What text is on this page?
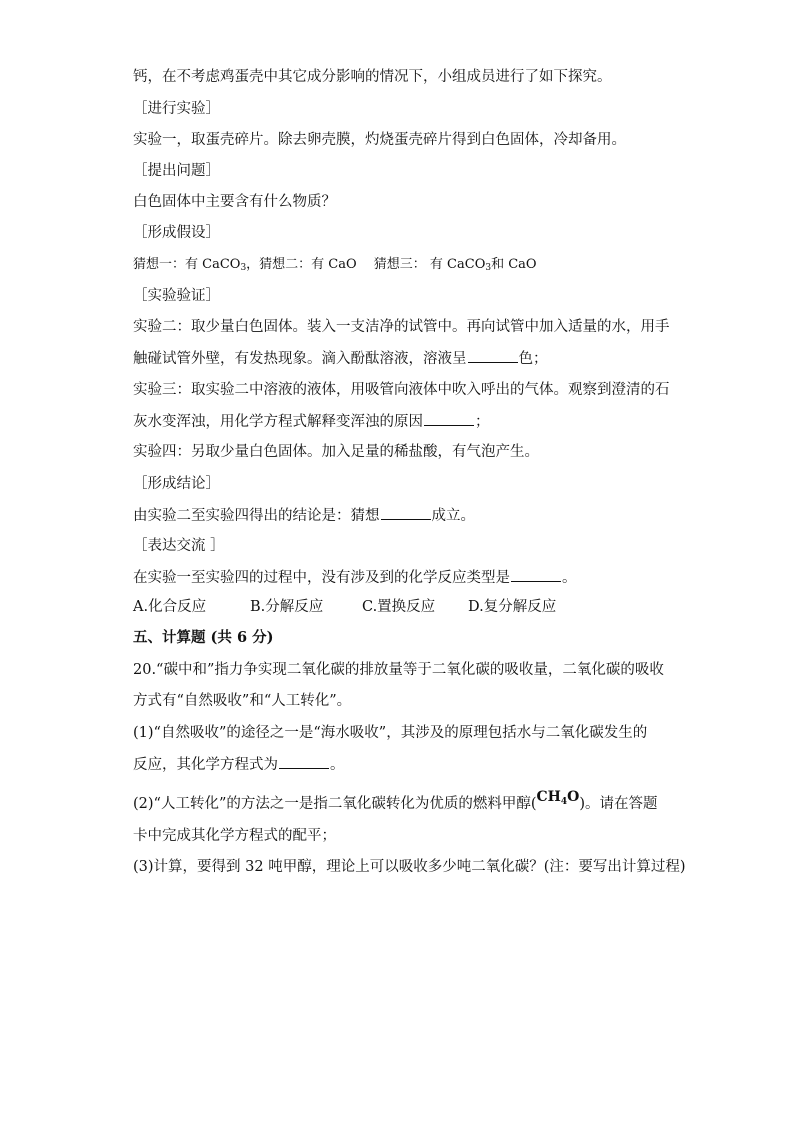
钙，在不考虑鸡蛋壳中其它成分影响的情况下，小组成员进行了如下探究。
［进行实验］
实验一，取蛋壳碎片。除去卵壳膜，灼烧蛋壳碎片得到白色固体，冷却备用。
［提出问题］
白色固体中主要含有什么物质？
［形成假设］
猜想一：有 CaCO$_3$，猜想二：有 CaO　 猜想三： 有 CaCO$_3$和 CaO
［实验验证］
实验二：取少量白色固体。装入一支洁净的试管中。再向试管中加入适量的水，用手
触碰试管外壁，有发热现象。滴入酚酞溶液，溶液呈	色；
实验三：取实验二中溶液的液体，用吸管向液体中吹入呼出的气体。观察到澄清的石
灰水变浑浊，用化学方程式解释变浑浊的原因	；
实验四：另取少量白色固体。加入足量的稀盐酸，有气泡产生。
［形成结论］
由实验二至实验四得出的结论是：猜想	成立。
［表达交流 ］
在实验一至实验四的过程中，没有涉及到的化学反应类型是	。
A.化合反应	B.分解反应	C.置换反应 D.复分解反应
五、计算题 (共 6 分)
20.“碳中和”指力争实现二氧化碳的排放量等于二氧化碳的吸收量，二氧化碳的吸收
方式有“自然吸收”和“人工转化”。
(1)“自然吸收”的途径之一是“海水吸收”，其涉及的原理包括水与二氧化碳发生的
反应，其化学方程式为	。
(2)“人工转化”的方法之一是指二氧化碳转化为优质的燃料甲醇$(CH_4O)$。请在答题
卡中完成其化学方程式的配平；
(3)计算，要得到 32 吨甲醇，理论上可以吸收多少吨二氧化碳？(注：要写出计算过程)
